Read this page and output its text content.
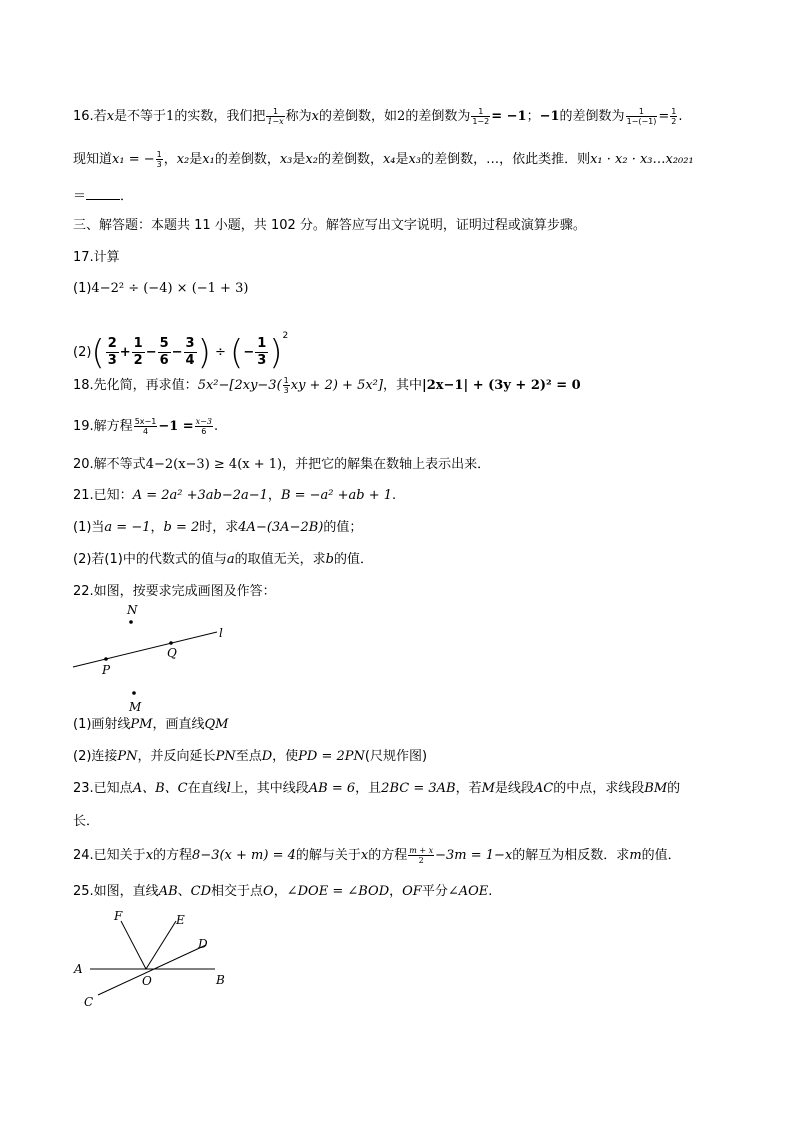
16.若x是不等于1的实数，我们把 $\frac{1}{1-x}$ 称为x的差倒数，如2的差倒数为 $\frac{1}{1-2} = -1$；−1的差倒数为 $\frac{1}{1-(-1)} = \frac{1}{2}$ .
现知道x₁ = − $\frac{1}{3}$ ，x₂是x₁的差倒数，x₃是x₂的差倒数，x₄是x₃的差倒数，…，依此类推．则x₁ · x₂ · x₃…x₂₀₂₁
＝	．
三、解答题：本题共 11 小题，共 102 分。解答应写出文字说明，证明过程或演算步骤。
17.计算
(1)4−2² ÷ (−4) × (−1 + 3)
$(2)( \frac{2}{3} + \frac{1}{2} - \frac{5}{6} - \frac{3}{4}$ ) ÷ (− $\frac{1}{3} )^2$
18.先化简，再求值：$5x^2-[2xy-3( \frac{1}{3}$ xy + 2) + 5x²]，其中|2x−1| + (3y + 2)² = 0
19.解方程 $\frac{5x-1}{4} -1 = \frac{x-3}{6}$ .
20.解不等式4−2(x−3) ≥ 4(x + 1)，并把它的解集在数轴上表示出来．
21.已知：A = 2a² +3ab−2a−1，B = −a² +ab + 1.
(1)当a = −1，b = 2时，求4A−(3A−2B)的值；
(2)若(1)中的代数式的值与a的取值无关，求b的值．
22.如图，按要求完成画图及作答：
N
Q
l
P
M
(1)画射线PM，画直线QM
(2)连接PN，并反向延长PN至点D，使PD = 2PN(尺规作图)
23.已知点A、B、C在直线l上，其中线段AB = 6，且2BC = 3AB，若M是线段AC的中点，求线段BM的
长．
24.已知关于x的方程8−3(x + m) = 4的解与关于x的方程 $\frac{m + x}{2} -3m = 1-x$的解互为相反数．求m的值．
25.如图，直线AB、CD相交于点O，∠DOE = ∠BOD，OF平分∠AOE.
F	E
D
A
O	B
C
